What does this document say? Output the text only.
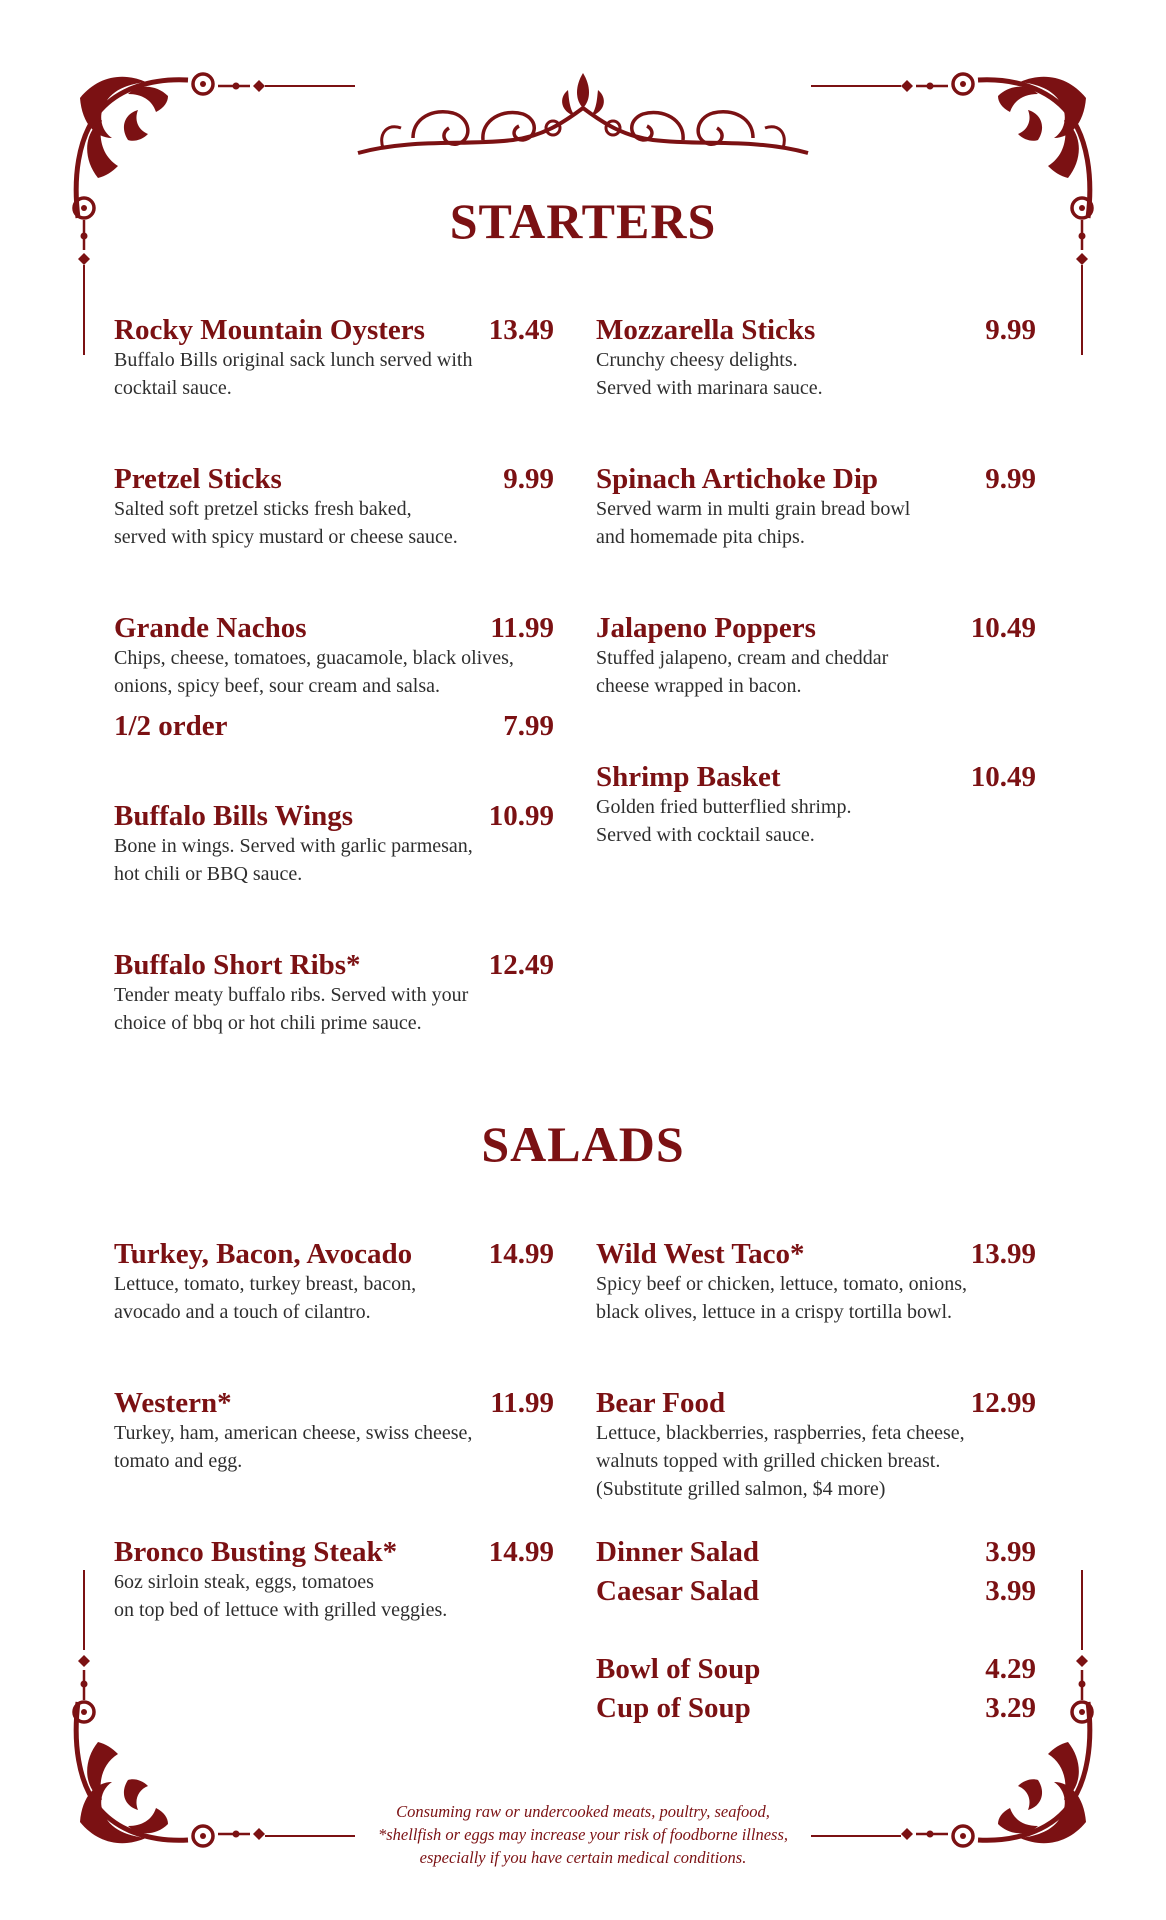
STARTERS
Rocky Mountain Oysters 13.49
Buffalo Bills original sack lunch served with
cocktail sauce.
Pretzel Sticks	9.99
Salted soft pretzel sticks fresh baked,
served with spicy mustard or cheese sauce.
Grande Nachos	11.99
Chips, cheese, tomatoes, guacamole, black olives,
onions, spicy beef, sour cream and salsa.
1/2 order	7.99
Buffalo Bills Wings	10.99
Bone in wings. Served with garlic parmesan,
hot chili or BBQ sauce.
Buffalo Short Ribs*	12.49
Tender meaty buffalo ribs. Served with your
choice of bbq or hot chili prime sauce.
Mozzarella Sticks	9.99
Crunchy cheesy delights.
Served with marinara sauce.
Spinach Artichoke Dip	9.99
Served warm in multi grain bread bowl
and homemade pita chips.
Jalapeno Poppers	10.49
Stuffed jalapeno, cream and cheddar
cheese wrapped in bacon.
Shrimp Basket	10.49
Golden fried butterflied shrimp.
Served with cocktail sauce.
SALADS
Turkey, Bacon, Avocado	14.99
Lettuce, tomato, turkey breast, bacon,
avocado and a touch of cilantro.
Western*	11.99
Turkey, ham, american cheese, swiss cheese,
tomato and egg.
Bronco Busting Steak*	14.99
6oz sirloin steak, eggs, tomatoes
on top bed of lettuce with grilled veggies.
Wild West Taco*	13.99
Spicy beef or chicken, lettuce, tomato, onions,
black olives, lettuce in a crispy tortilla bowl.
Bear Food	12.99
Lettuce, blackberries, raspberries, feta cheese,
walnuts topped with grilled chicken breast.
(Substitute grilled salmon, $4 more)
Dinner Salad	3.99
Caesar Salad	3.99
Bowl of Soup	4.29
Cup of Soup	3.29
Consuming raw or undercooked meats, poultry, seafood,
*shellfish or eggs may increase your risk of foodborne illness,
especially if you have certain medical conditions.
